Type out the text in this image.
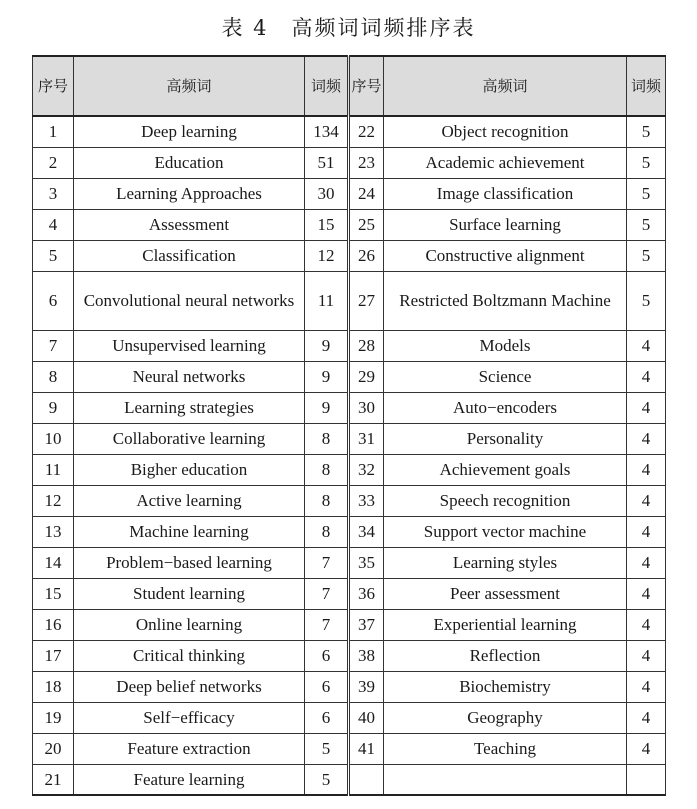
表 4　高频词词频排序表
序号	高频词	词频	序号	高频词	词频
1	Deep learning	134	22	Object recognition	5
2	Education	51	23	Academic achievement	5
3	Learning Approaches	30	24	Image classification	5
4	Assessment	15	25	Surface learning	5
5	Classification	12	26	Constructive alignment	5
6	Convolutional neural networks	11	27	Restricted Boltzmann Machine	5
7	Unsupervised learning	9	28	Models	4
8	Neural networks	9	29	Science	4
9	Learning strategies	9	30	Auto−encoders	4
10	Collaborative learning	8	31	Personality	4
11	Bigher education	8	32	Achievement goals	4
12	Active learning	8	33	Speech recognition	4
13	Machine learning	8	34	Support vector machine	4
14	Problem−based learning	7	35	Learning styles	4
15	Student learning	7	36	Peer assessment	4
16	Online learning	7	37	Experiential learning	4
17	Critical thinking	6	38	Reflection	4
18	Deep belief networks	6	39	Biochemistry	4
19	Self−efficacy	6	40	Geography	4
20	Feature extraction	5	41	Teaching	4
21	Feature learning	5			
